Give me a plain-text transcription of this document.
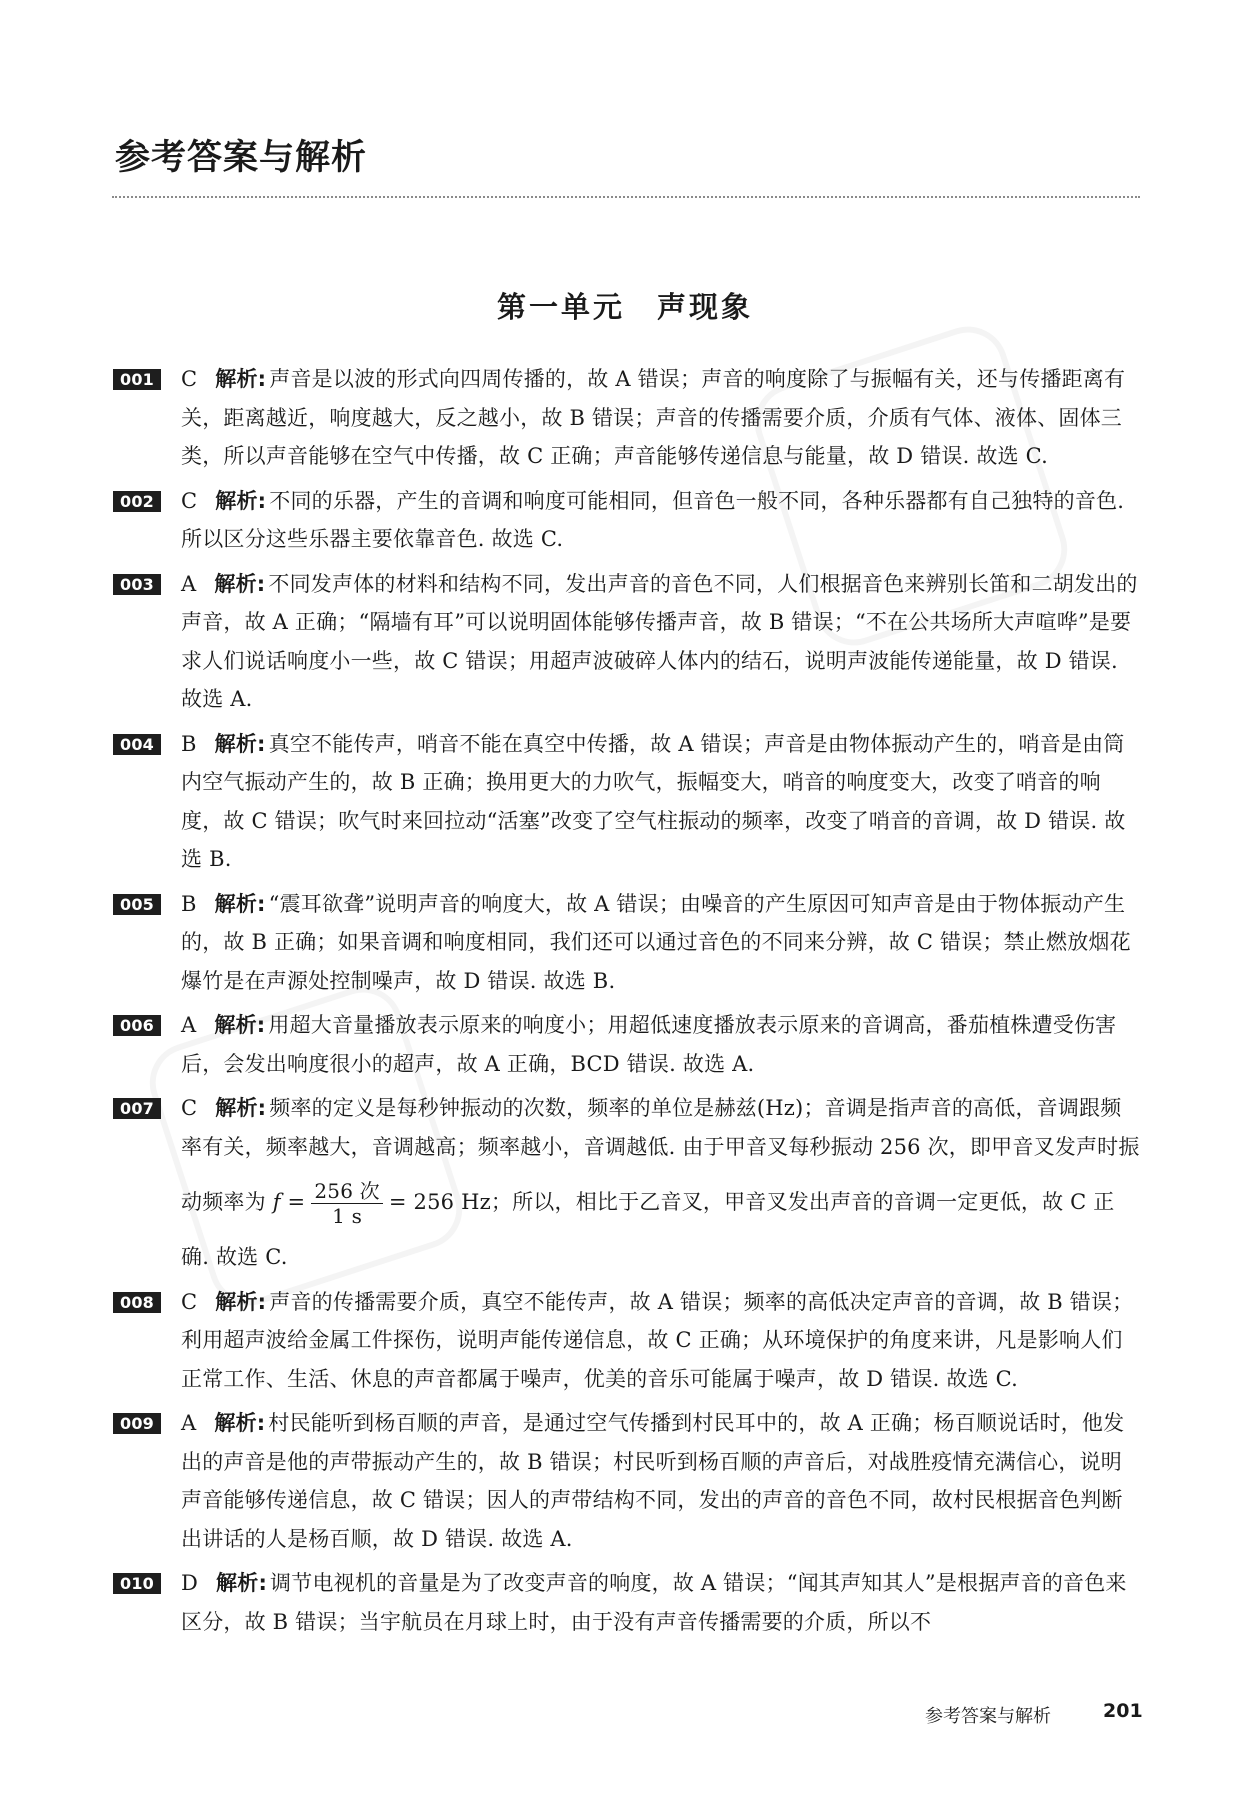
参考答案与解析
第一单元　声现象

001	C 解析: 声音是以波的形式向四周传播的，故 A 错误；声音的响度除了与振幅有关，还与传播距离有关，距离越近，响度越大，反之越小，故 B 错误；声音的传播需要介质，介质有气体、液体、固体三类，所以声音能够在空气中传播，故 C 正确；声音能够传递信息与能量，故 D 错误. 故选 C.

002	C 解析: 不同的乐器，产生的音调和响度可能相同，但音色一般不同，各种乐器都有自己独特的音色. 所以区分这些乐器主要依靠音色. 故选 C.

003	A 解析: 不同发声体的材料和结构不同，发出声音的音色不同，人们根据音色来辨别长笛和二胡发出的声音，故 A 正确；“隔墙有耳”可以说明固体能够传播声音，故 B 错误；“不在公共场所大声喧哗”是要求人们说话响度小一些，故 C 错误；用超声波破碎人体内的结石，说明声波能传递能量，故 D 错误. 故选 A.

004	B 解析: 真空不能传声，哨音不能在真空中传播，故 A 错误；声音是由物体振动产生的，哨音是由筒内空气振动产生的，故 B 正确；换用更大的力吹气，振幅变大，哨音的响度变大，改变了哨音的响度，故 C 错误；吹气时来回拉动“活塞”改变了空气柱振动的频率，改变了哨音的音调，故 D 错误. 故选 B.

005	B 解析: “震耳欲聋”说明声音的响度大，故 A 错误；由噪音的产生原因可知声音是由于物体振动产生的，故 B 正确；如果音调和响度相同，我们还可以通过音色的不同来分辨，故 C 错误；禁止燃放烟花爆竹是在声源处控制噪声，故 D 错误. 故选 B.

006	A 解析: 用超大音量播放表示原来的响度小；用超低速度播放表示原来的音调高，番茄植株遭受伤害后，会发出响度很小的超声，故 A 正确，BCD 错误. 故选 A.

007	C 解析: 频率的定义是每秒钟振动的次数，频率的单位是赫兹(Hz)；音调是指声音的高低，音调跟频率有关，频率越大，音调越高；频率越小，音调越低. 由于甲音叉每秒振动 256 次，即甲音叉发声时振动频率为 $f = \frac{\text{256 次}}{1 s} = 256$ Hz；所以，相比于乙音叉，甲音叉发出声音的音调一定更低，故 C 正确. 故选 C.

008	C 解析: 声音的传播需要介质，真空不能传声，故 A 错误；频率的高低决定声音的音调，故 B 错误；利用超声波给金属工件探伤，说明声能传递信息，故 C 正确；从环境保护的角度来讲，凡是影响人们正常工作、生活、休息的声音都属于噪声，优美的音乐可能属于噪声，故 D 错误. 故选 C.

009	A 解析: 村民能听到杨百顺的声音，是通过空气传播到村民耳中的，故 A 正确；杨百顺说话时，他发出的声音是他的声带振动产生的，故 B 错误；村民听到杨百顺的声音后，对战胜疫情充满信心，说明声音能够传递信息，故 C 错误；因人的声带结构不同，发出的声音的音色不同，故村民根据音色判断出讲话的人是杨百顺，故 D 错误. 故选 A.

010	D 解析: 调节电视机的音量是为了改变声音的响度，故 A 错误；“闻其声知其人”是根据声音的音色来区分，故 B 错误；当宇航员在月球上时，由于没有声音传播需要的介质，所以不

参考答案与解析	201
